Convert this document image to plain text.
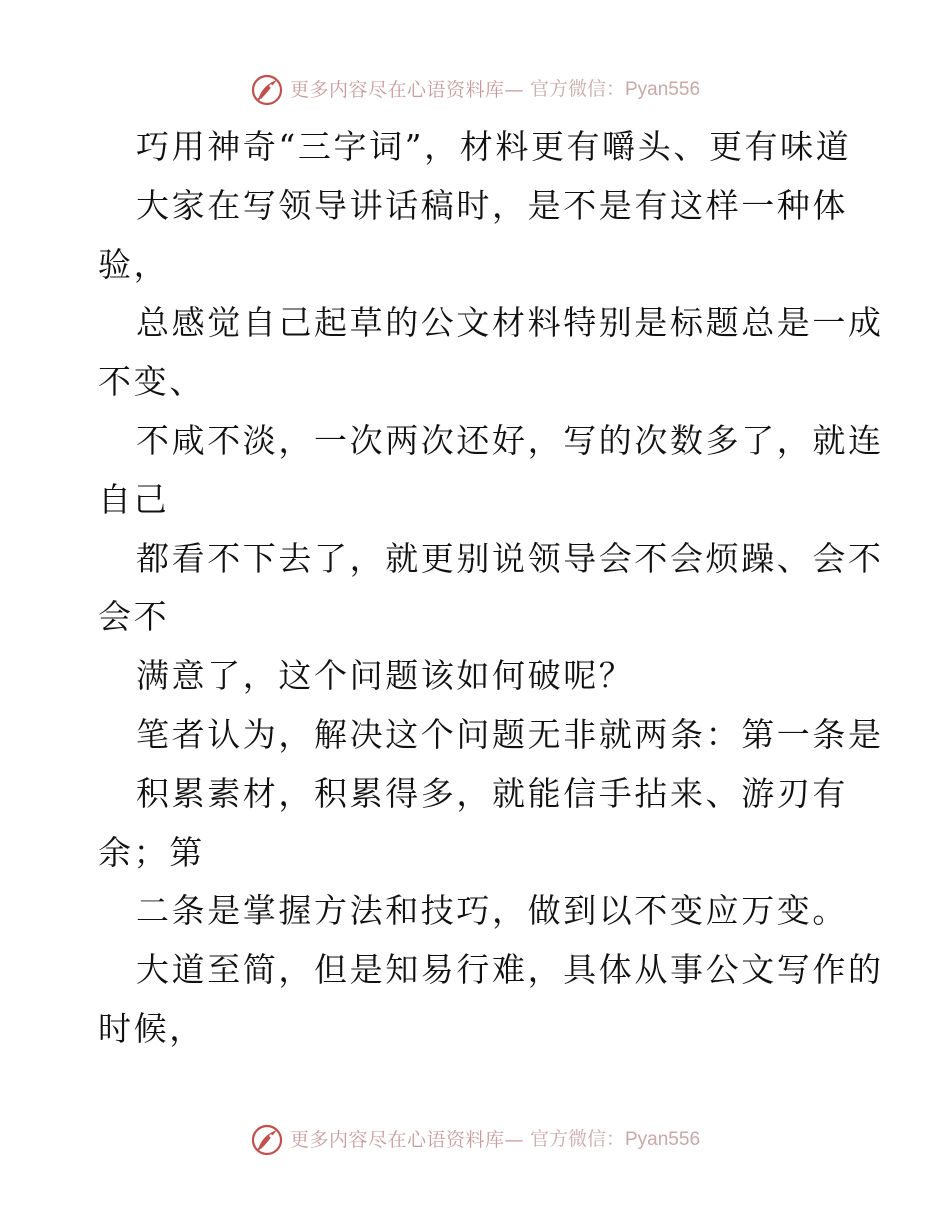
更多内容尽在心语资料库— 官方微信：Pyan556
巧用神奇“三字词”，材料更有嚼头、更有味道
大家在写领导讲话稿时，是不是有这样一种体
验，
总感觉自己起草的公文材料特别是标题总是一成
不变、
不咸不淡，一次两次还好，写的次数多了，就连
自己
都看不下去了，就更别说领导会不会烦躁、会不
会不
满意了，这个问题该如何破呢？
笔者认为，解决这个问题无非就两条：第一条是
积累素材，积累得多，就能信手拈来、游刃有
余；第
二条是掌握方法和技巧，做到以不变应万变。
大道至简，但是知易行难，具体从事公文写作的
时候，
更多内容尽在心语资料库— 官方微信：Pyan556
